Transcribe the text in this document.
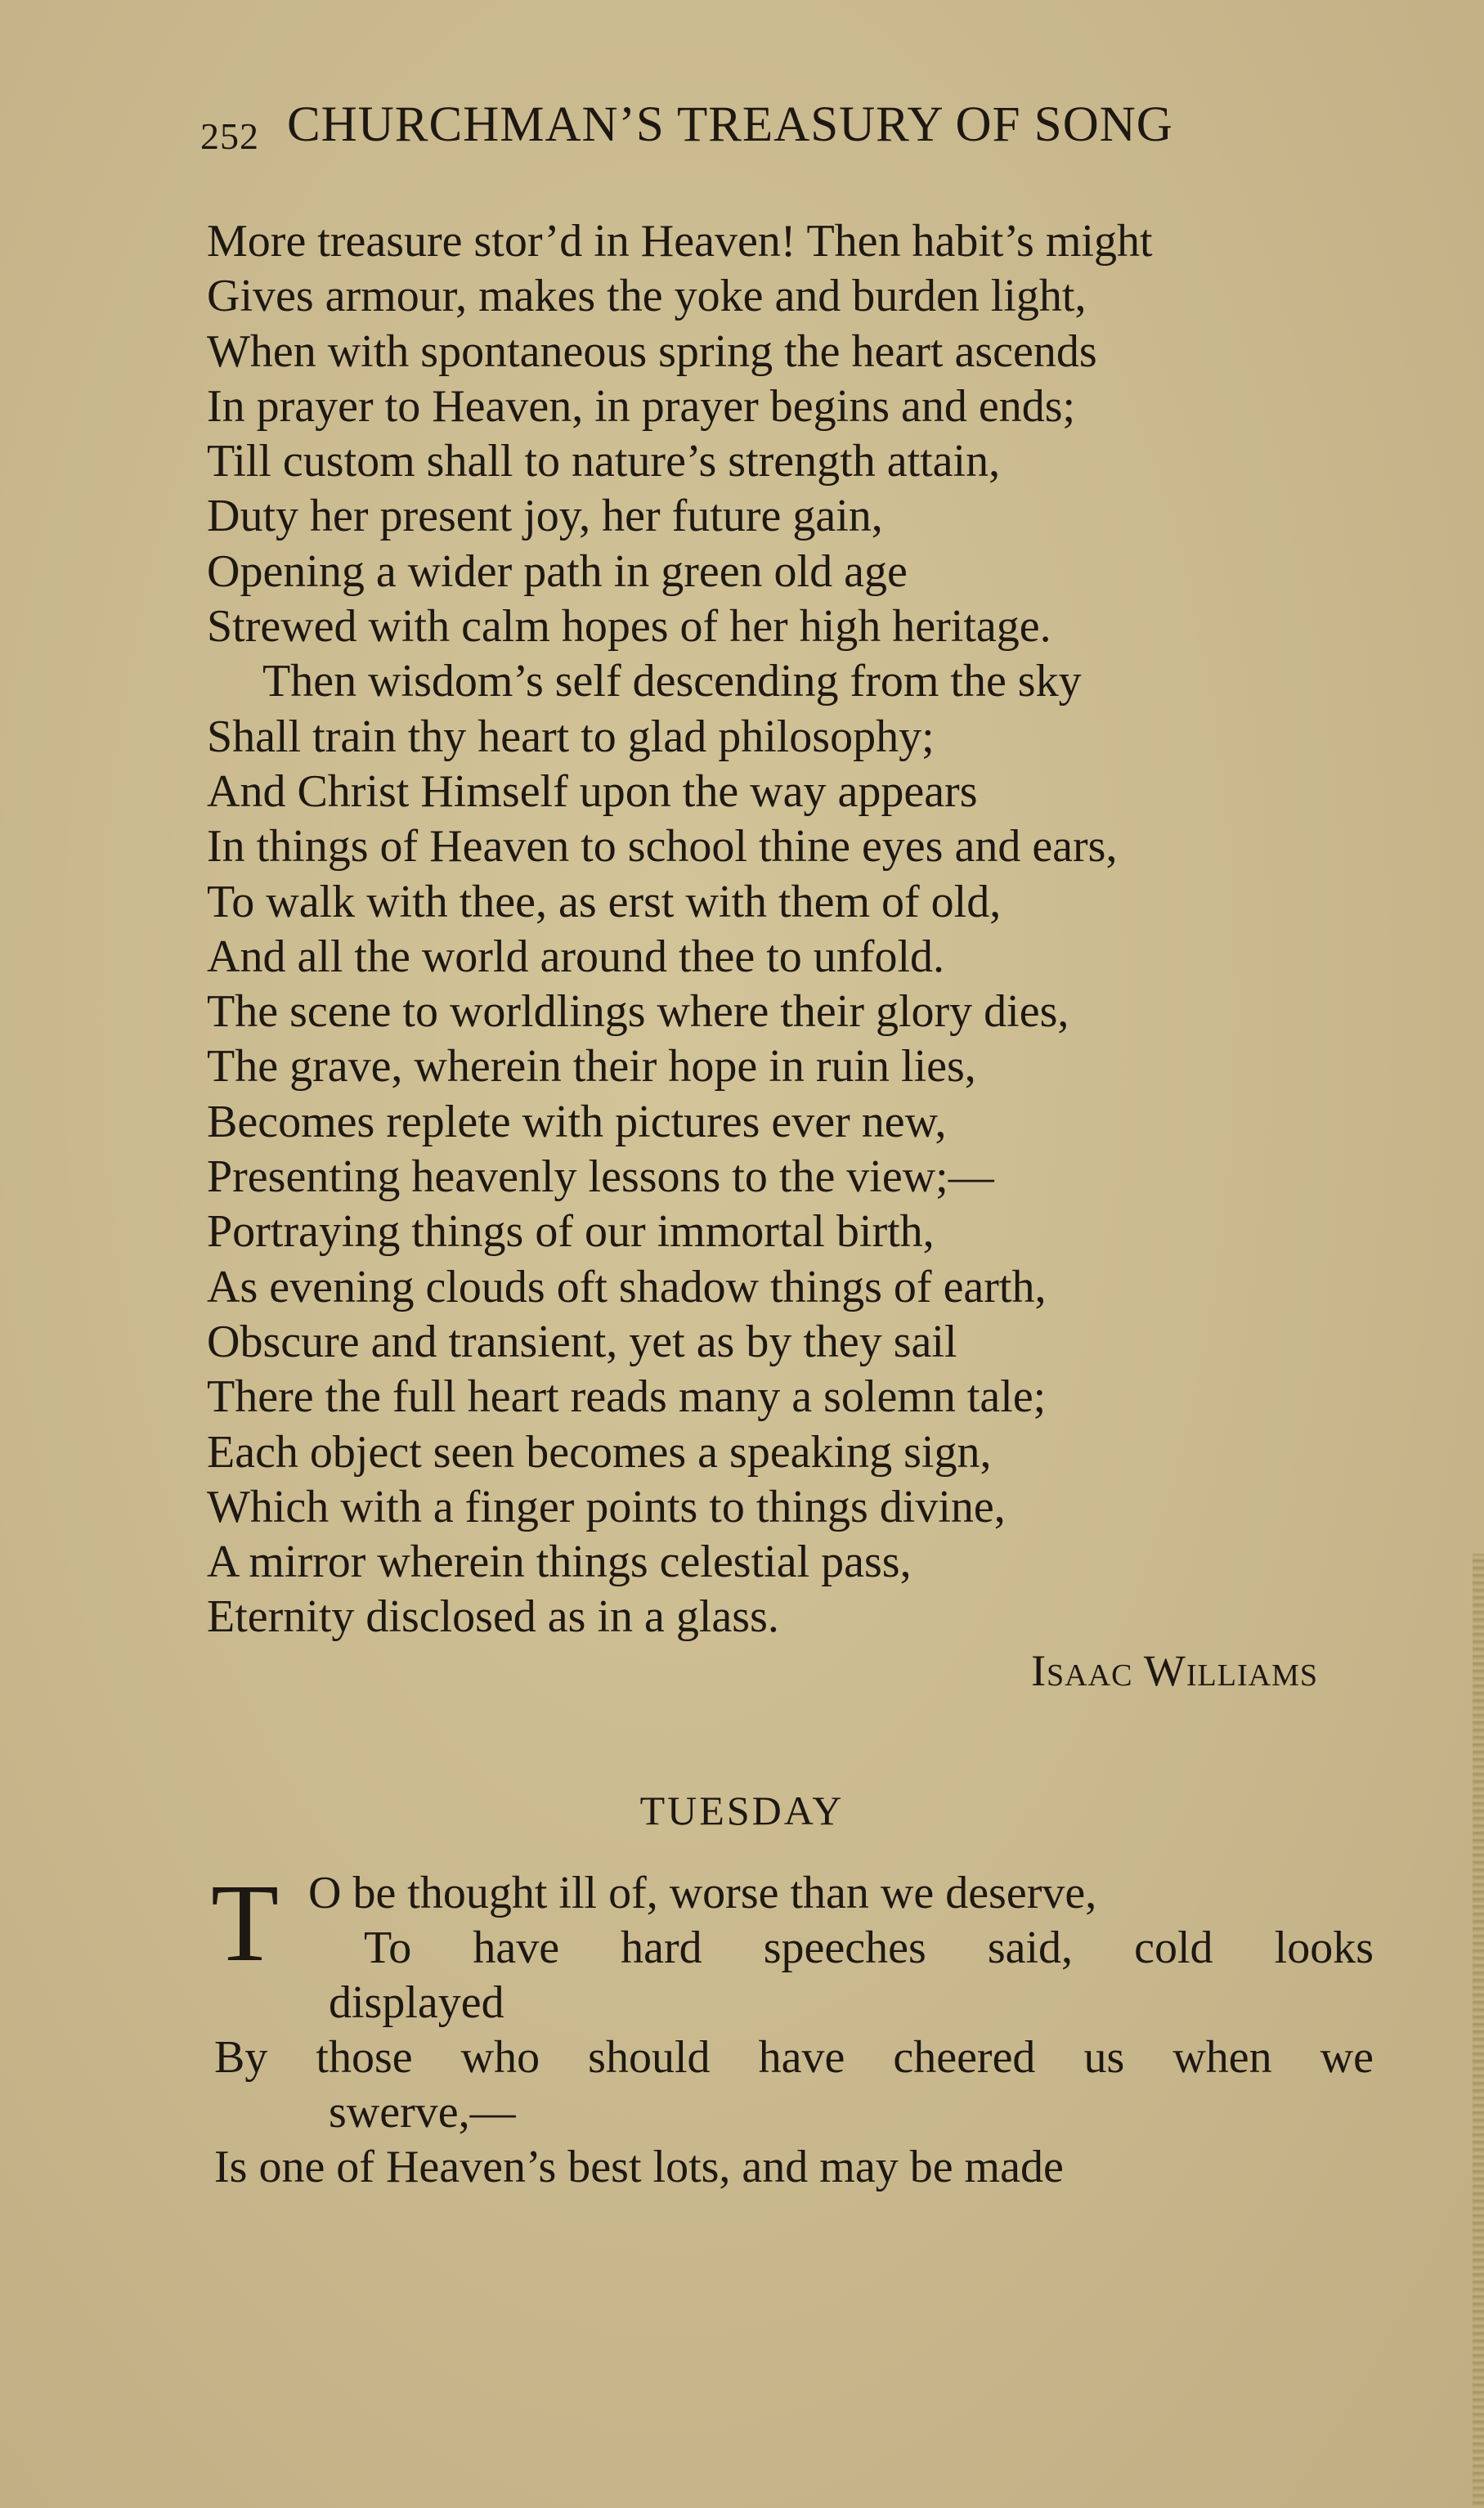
252 CHURCHMAN’S TREASURY OF SONG
More treasure stor’d in Heaven! Then habit’s might
Gives armour, makes the yoke and burden light,
When with spontaneous spring the heart ascends
In prayer to Heaven, in prayer begins and ends;
Till custom shall to nature’s strength attain,
Duty her present joy, her future gain,
Opening a wider path in green old age
Strewed with calm hopes of her high heritage.
Then wisdom’s self descending from the sky
Shall train thy heart to glad philosophy;
And Christ Himself upon the way appears
In things of Heaven to school thine eyes and ears,
To walk with thee, as erst with them of old,
And all the world around thee to unfold.
The scene to worldlings where their glory dies,
The grave, wherein their hope in ruin lies,
Becomes replete with pictures ever new,
Presenting heavenly lessons to the view;—
Portraying things of our immortal birth,
As evening clouds oft shadow things of earth,
Obscure and transient, yet as by they sail
There the full heart reads many a solemn tale;
Each object seen becomes a speaking sign,
Which with a finger points to things divine,
A mirror wherein things celestial pass,
Eternity disclosed as in a glass.
Isaac Williams
TUESDAY
T O be thought ill of, worse than we deserve,
To have hard speeches said, cold looks
displayed
By those who should have cheered us when we
swerve,—
Is one of Heaven’s best lots, and may be made
